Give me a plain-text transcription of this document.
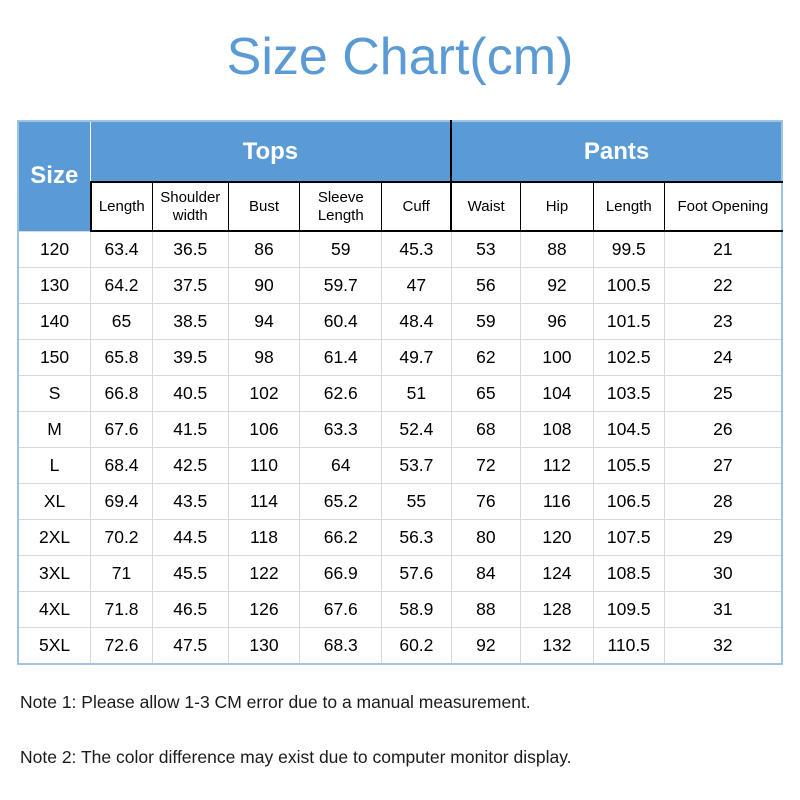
Size Chart(cm)
Size	Tops					Pants			
	Length	Shoulder width	Bust	Sleeve Length	Cuff	Waist	Hip	Length	Foot Opening
120	63.4	36.5	86	59	45.3	53	88	99.5	21
130	64.2	37.5	90	59.7	47	56	92	100.5	22
140	65	38.5	94	60.4	48.4	59	96	101.5	23
150	65.8	39.5	98	61.4	49.7	62	100	102.5	24
S	66.8	40.5	102	62.6	51	65	104	103.5	25
M	67.6	41.5	106	63.3	52.4	68	108	104.5	26
L	68.4	42.5	110	64	53.7	72	112	105.5	27
XL	69.4	43.5	114	65.2	55	76	116	106.5	28
2XL	70.2	44.5	118	66.2	56.3	80	120	107.5	29
3XL	71	45.5	122	66.9	57.6	84	124	108.5	30
4XL	71.8	46.5	126	67.6	58.9	88	128	109.5	31
5XL	72.6	47.5	130	68.3	60.2	92	132	110.5	32

Note 1: Please allow 1-3 CM error due to a manual measurement.

Note 2: The color difference may exist due to computer monitor display.
